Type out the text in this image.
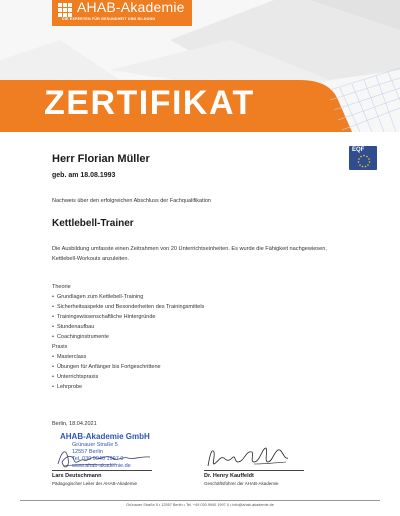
AHAB-Akademie
DIE EXPERTEN FÜR GESUNDHEIT UND BILDUNG
ZERTIFIKAT
EQF
Herr Florian Müller
geb. am 18.08.1993
Nachweis über den erfolgreichen Abschluss der Fachqualifikation
Kettlebell-Trainer
Die Ausbildung umfasste einen Zeitrahmen von 20 Unterrichtseinheiten. Es wurde die Fähigkeit nachgewiesen, Kettlebell-Workouts anzuleiten.
Theorie
• Grundlagen zum Kettlebell-Training
• Sicherheitsaspekte und Besonderheiten des Trainingsmittels
• Trainingswissenschaftliche Hintergründe
• Stundenaufbau
• Coachinginstrumente
Praxis
• Masterclass
• Übungen für Anfänger bis Fortgeschrittene
• Unterrichtspraxis
• Lehrprobe
Berlin, 18.04.2021
AHAB-Akademie GmbH
Grünauer Straße 5
12557 Berlin
Tel. 030 9940 1997 0
www.ahab-akademie.de
Lars Deutschmann
Pädagogischer Leiter der AHAB-Akademie
Dr. Henry Kauffeldt
Geschäftsführer der AHAB-Akademie
Grünauer Straße 5 • 12557 Berlin • Tel. +49 030 9940 1997 0 • info@ahab-akademie.de
